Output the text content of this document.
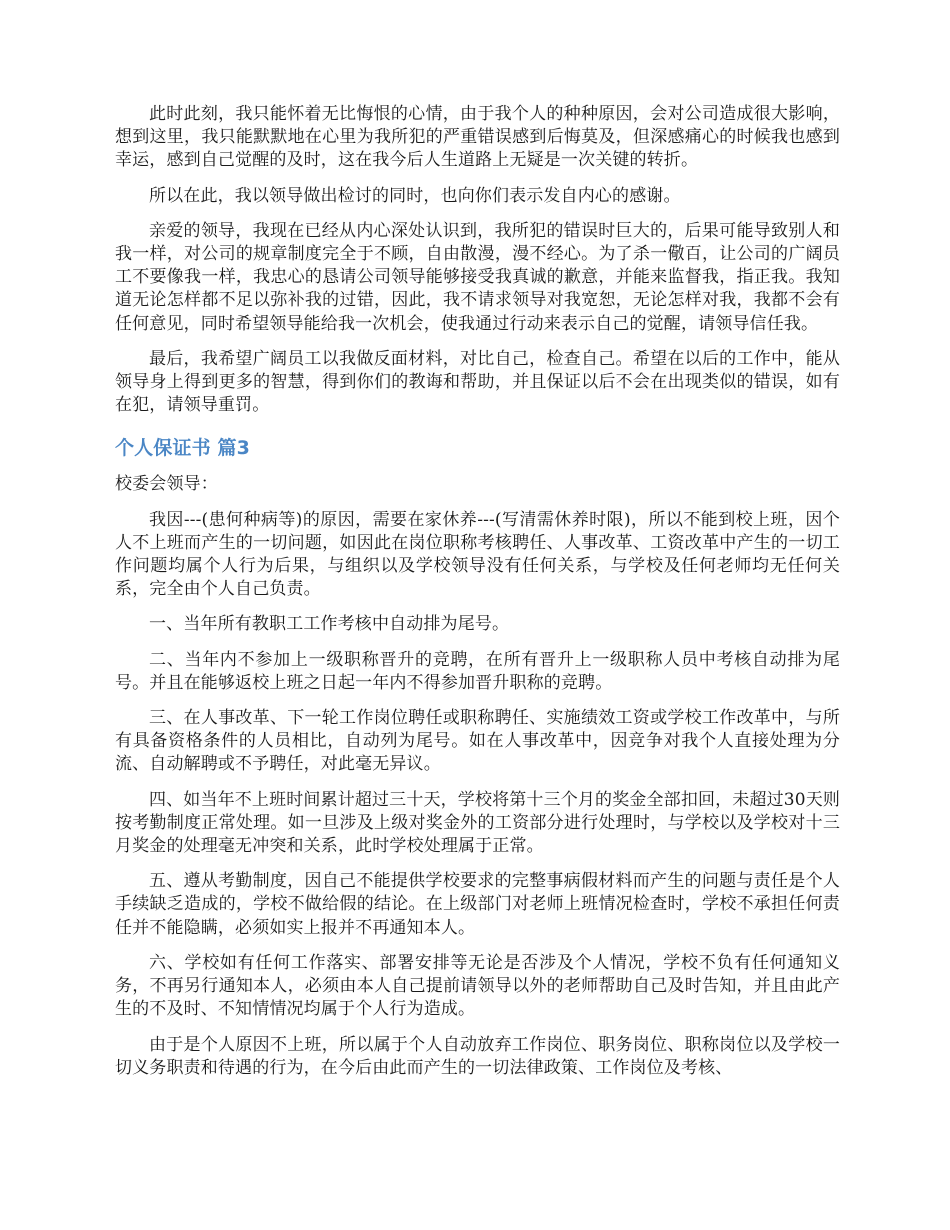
此时此刻，我只能怀着无比悔恨的心情，由于我个人的种种原因，会对公司造成很大影响，想到这里，我只能默默地在心里为我所犯的严重错误感到后悔莫及，但深感痛心的时候我也感到幸运，感到自己觉醒的及时，这在我今后人生道路上无疑是一次关键的转折。

所以在此，我以领导做出检讨的同时，也向你们表示发自内心的感谢。

亲爱的领导，我现在已经从内心深处认识到，我所犯的错误时巨大的，后果可能导致别人和我一样，对公司的规章制度完全于不顾，自由散漫，漫不经心。为了杀一儆百，让公司的广阔员工不要像我一样，我忠心的恳请公司领导能够接受我真诚的歉意，并能来监督我，指正我。我知道无论怎样都不足以弥补我的过错，因此，我不请求领导对我宽恕，无论怎样对我，我都不会有任何意见，同时希望领导能给我一次机会，使我通过行动来表示自己的觉醒，请领导信任我。

最后，我希望广阔员工以我做反面材料，对比自己，检查自己。希望在以后的工作中，能从领导身上得到更多的智慧，得到你们的教诲和帮助，并且保证以后不会在出现类似的错误，如有在犯，请领导重罚。

个人保证书 篇3

校委会领导：

我因---(患何种病等)的原因，需要在家休养---(写清需休养时限)，所以不能到校上班，因个人不上班而产生的一切问题，如因此在岗位职称考核聘任、人事改革、工资改革中产生的一切工作问题均属个人行为后果，与组织以及学校领导没有任何关系，与学校及任何老师均无任何关系，完全由个人自己负责。

一、当年所有教职工工作考核中自动排为尾号。

二、当年内不参加上一级职称晋升的竞聘，在所有晋升上一级职称人员中考核自动排为尾号。并且在能够返校上班之日起一年内不得参加晋升职称的竞聘。

三、在人事改革、下一轮工作岗位聘任或职称聘任、实施绩效工资或学校工作改革中，与所有具备资格条件的人员相比，自动列为尾号。如在人事改革中，因竞争对我个人直接处理为分流、自动解聘或不予聘任，对此毫无异议。

四、如当年不上班时间累计超过三十天，学校将第十三个月的奖金全部扣回，未超过30天则按考勤制度正常处理。如一旦涉及上级对奖金外的工资部分进行处理时，与学校以及学校对十三月奖金的处理毫无冲突和关系，此时学校处理属于正常。

五、遵从考勤制度，因自己不能提供学校要求的完整事病假材料而产生的问题与责任是个人手续缺乏造成的，学校不做给假的结论。在上级部门对老师上班情况检查时，学校不承担任何责任并不能隐瞒，必须如实上报并不再通知本人。

六、学校如有任何工作落实、部署安排等无论是否涉及个人情况，学校不负有任何通知义务，不再另行通知本人，必须由本人自己提前请领导以外的老师帮助自己及时告知，并且由此产生的不及时、不知情情况均属于个人行为造成。

由于是个人原因不上班，所以属于个人自动放弃工作岗位、职务岗位、职称岗位以及学校一切义务职责和待遇的行为，在今后由此而产生的一切法律政策、工作岗位及考核、
